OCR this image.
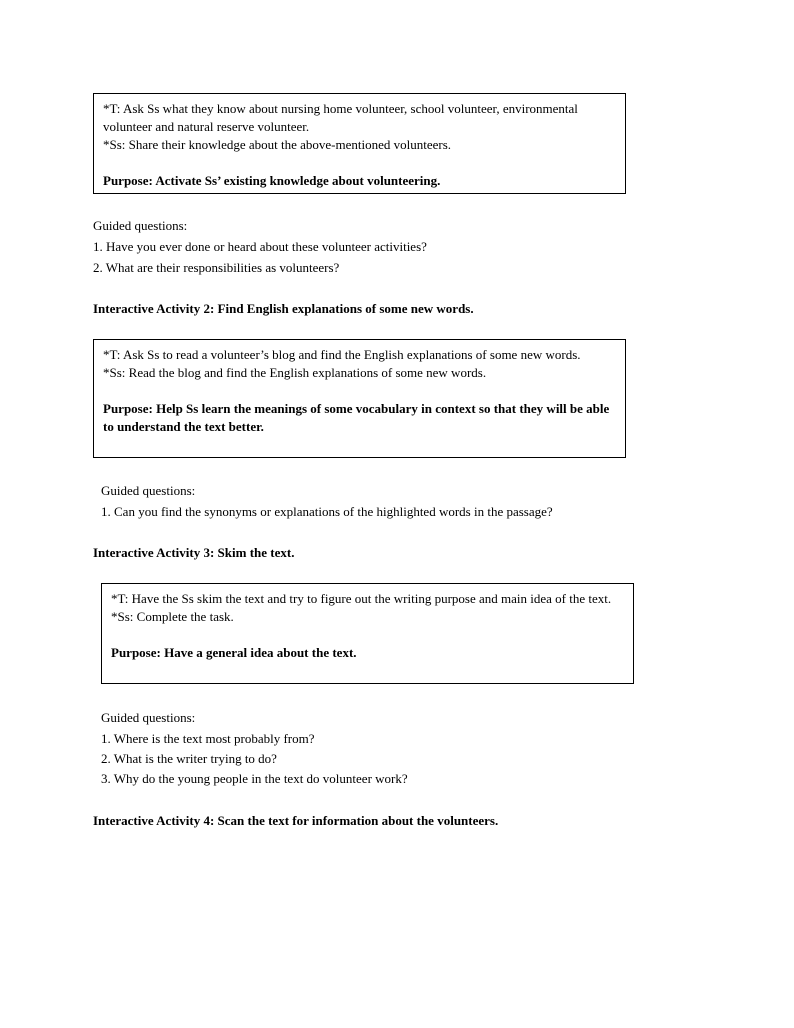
*T: Ask Ss what they know about nursing home volunteer, school volunteer, environmental volunteer and natural reserve volunteer.

*Ss: Share their knowledge about the above-mentioned volunteers.

Purpose: Activate Ss’ existing knowledge about volunteering.

Guided questions:
1. Have you ever done or heard about these volunteer activities?
2. What are their responsibilities as volunteers?
Interactive Activity 2: Find English explanations of some new words.

*T: Ask Ss to read a volunteer’s blog and find the English explanations of some new words.

*Ss: Read the blog and find the English explanations of some new words.

Purpose: Help Ss learn the meanings of some vocabulary in context so that they will be able to understand the text better.

Guided questions:
1. Can you find the synonyms or explanations of the highlighted words in the passage?
Interactive Activity 3: Skim the text.

*T: Have the Ss skim the text and try to figure out the writing purpose and main idea of the text.

*Ss: Complete the task.

Purpose: Have a general idea about the text.

Guided questions:
1. Where is the text most probably from?
2. What is the writer trying to do?
3. Why do the young people in the text do volunteer work?
Interactive Activity 4: Scan the text for information about the volunteers.
